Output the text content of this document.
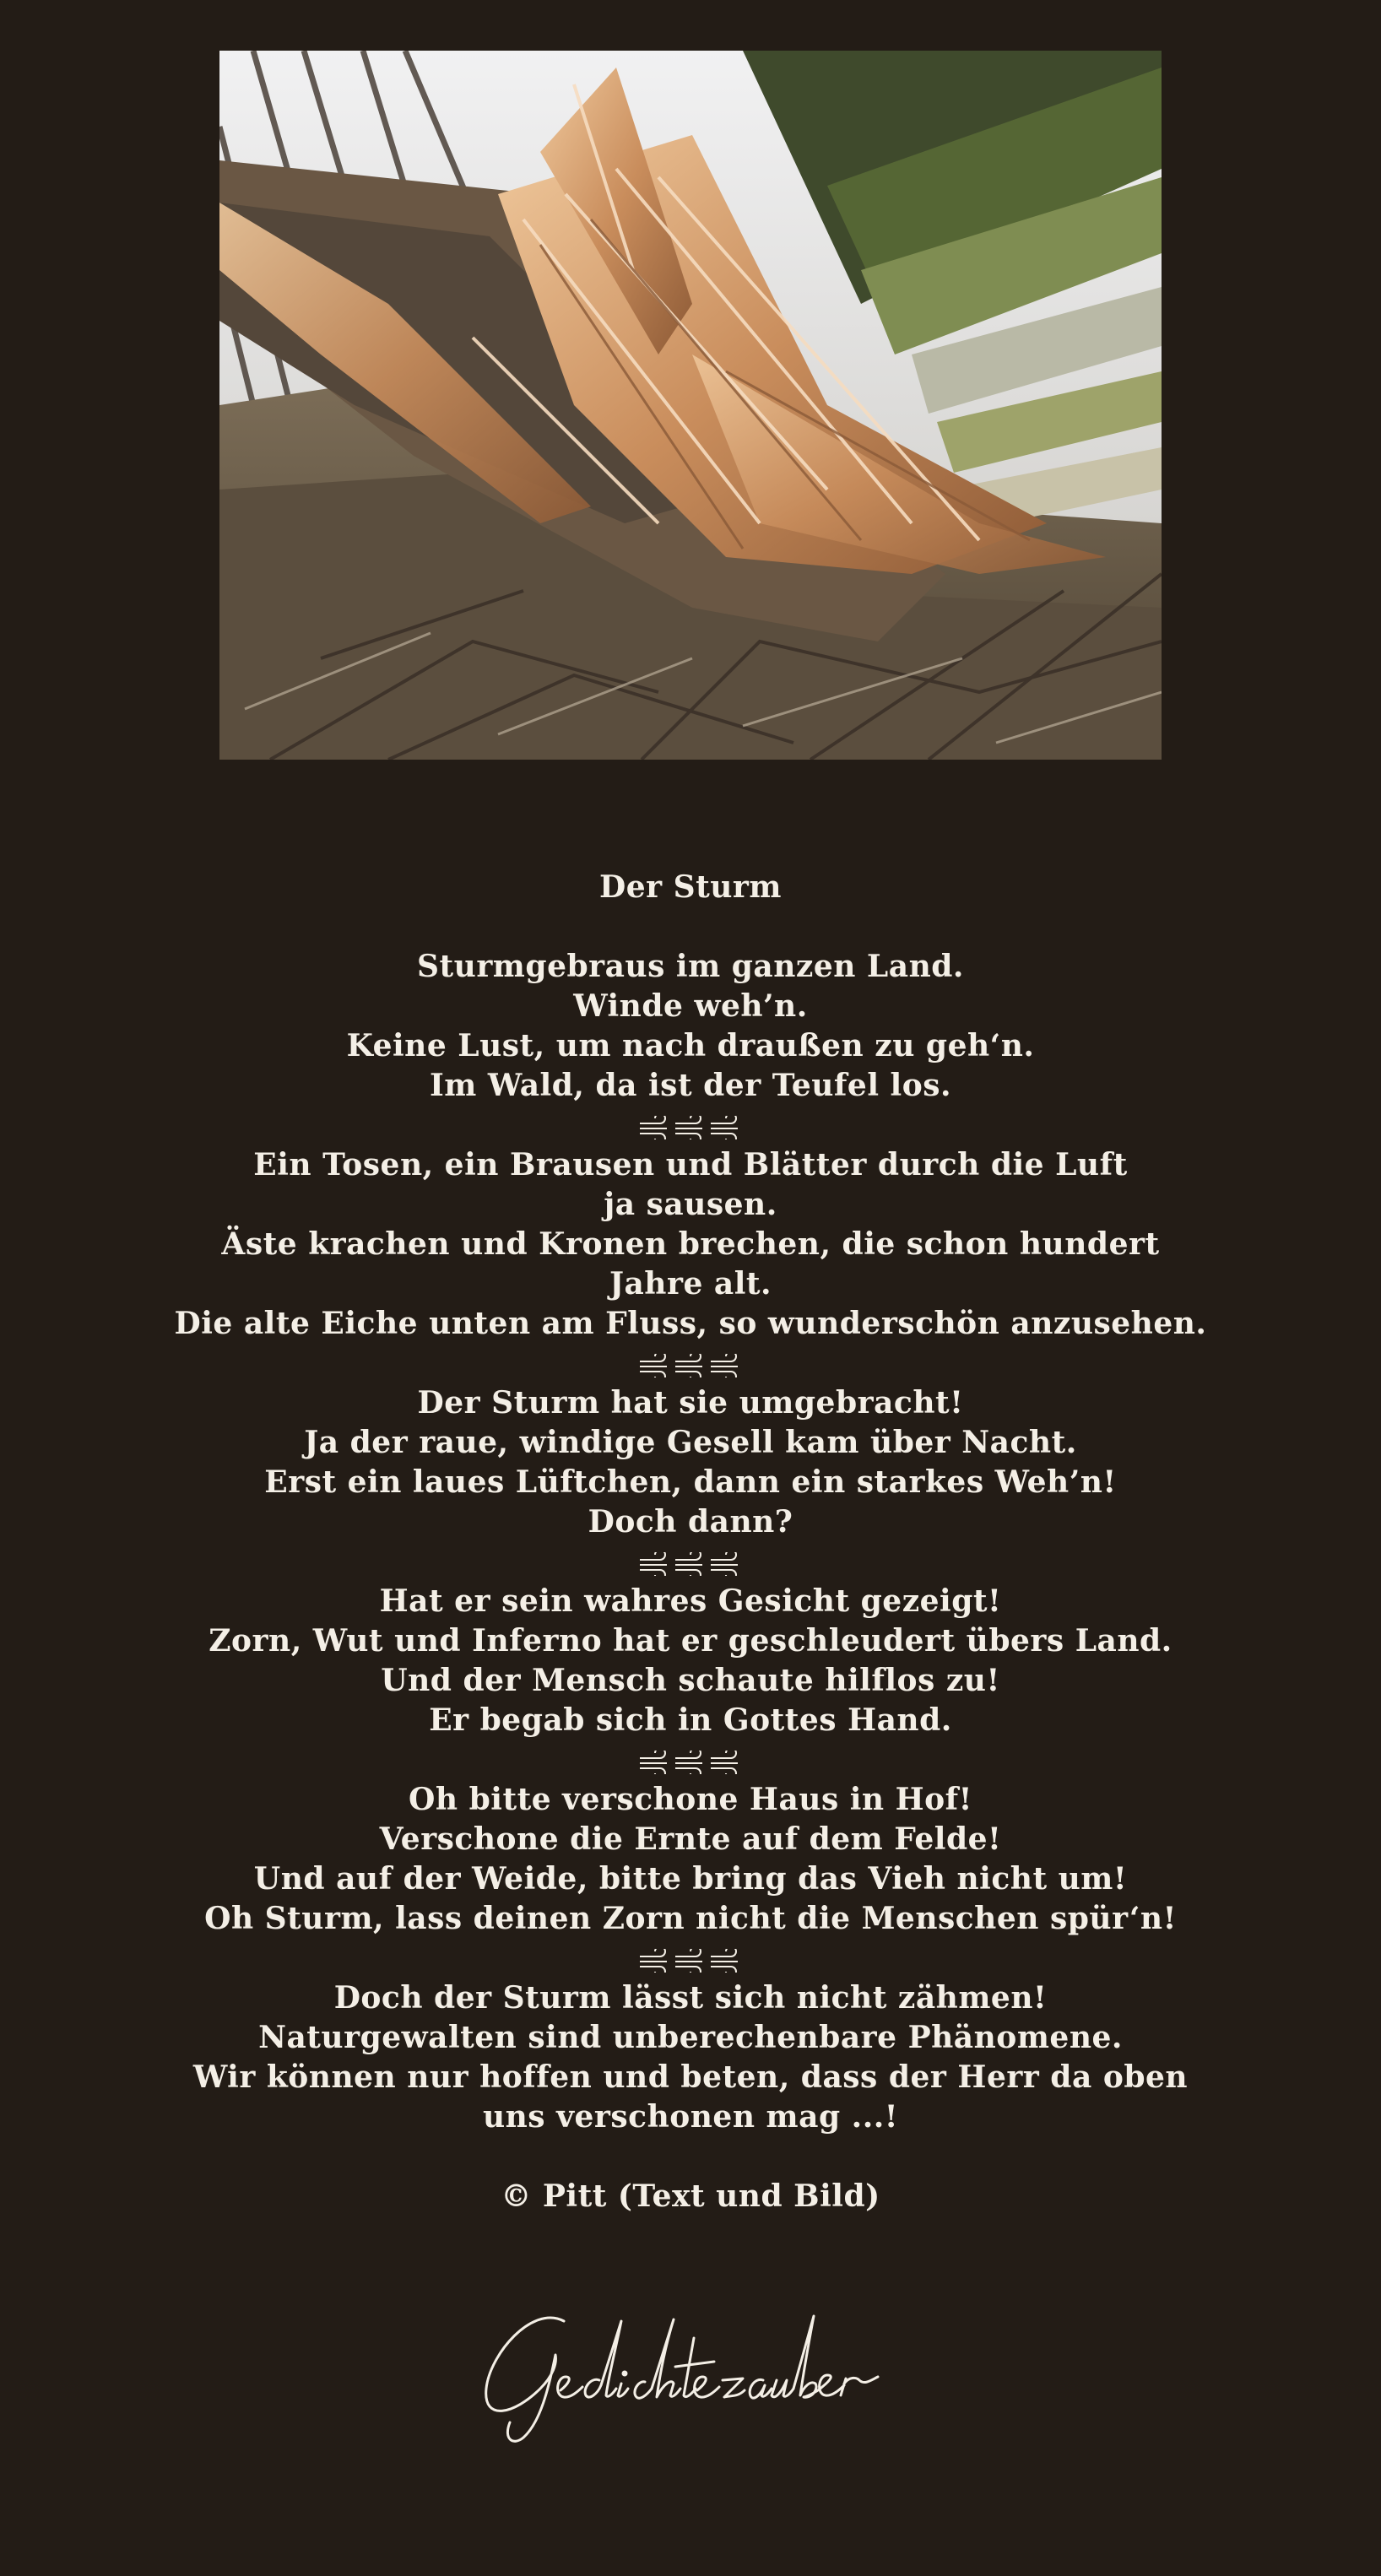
Der Sturm
Sturmgebraus im ganzen Land.
Winde weh’n.
Keine Lust, um nach draußen zu geh‘n.
Im Wald, da ist der Teufel los.
Ein Tosen, ein Brausen und Blätter durch die Luft
ja sausen.
Äste krachen und Kronen brechen, die schon hundert
Jahre alt.
Die alte Eiche unten am Fluss, so wunderschön anzusehen.
Der Sturm hat sie umgebracht!
Ja der raue, windige Gesell kam über Nacht.
Erst ein laues Lüftchen, dann ein starkes Weh’n!
Doch dann?
Hat er sein wahres Gesicht gezeigt!
Zorn, Wut und Inferno hat er geschleudert übers Land.
Und der Mensch schaute hilflos zu!
Er begab sich in Gottes Hand.
Oh bitte verschone Haus in Hof!
Verschone die Ernte auf dem Felde!
Und auf der Weide, bitte bring das Vieh nicht um!
Oh Sturm, lass deinen Zorn nicht die Menschen spür‘n!
Doch der Sturm lässt sich nicht zähmen!
Naturgewalten sind unberechenbare Phänomene.
Wir können nur hoffen und beten, dass der Herr da oben
uns verschonen mag ...!
© Pitt (Text und Bild)
